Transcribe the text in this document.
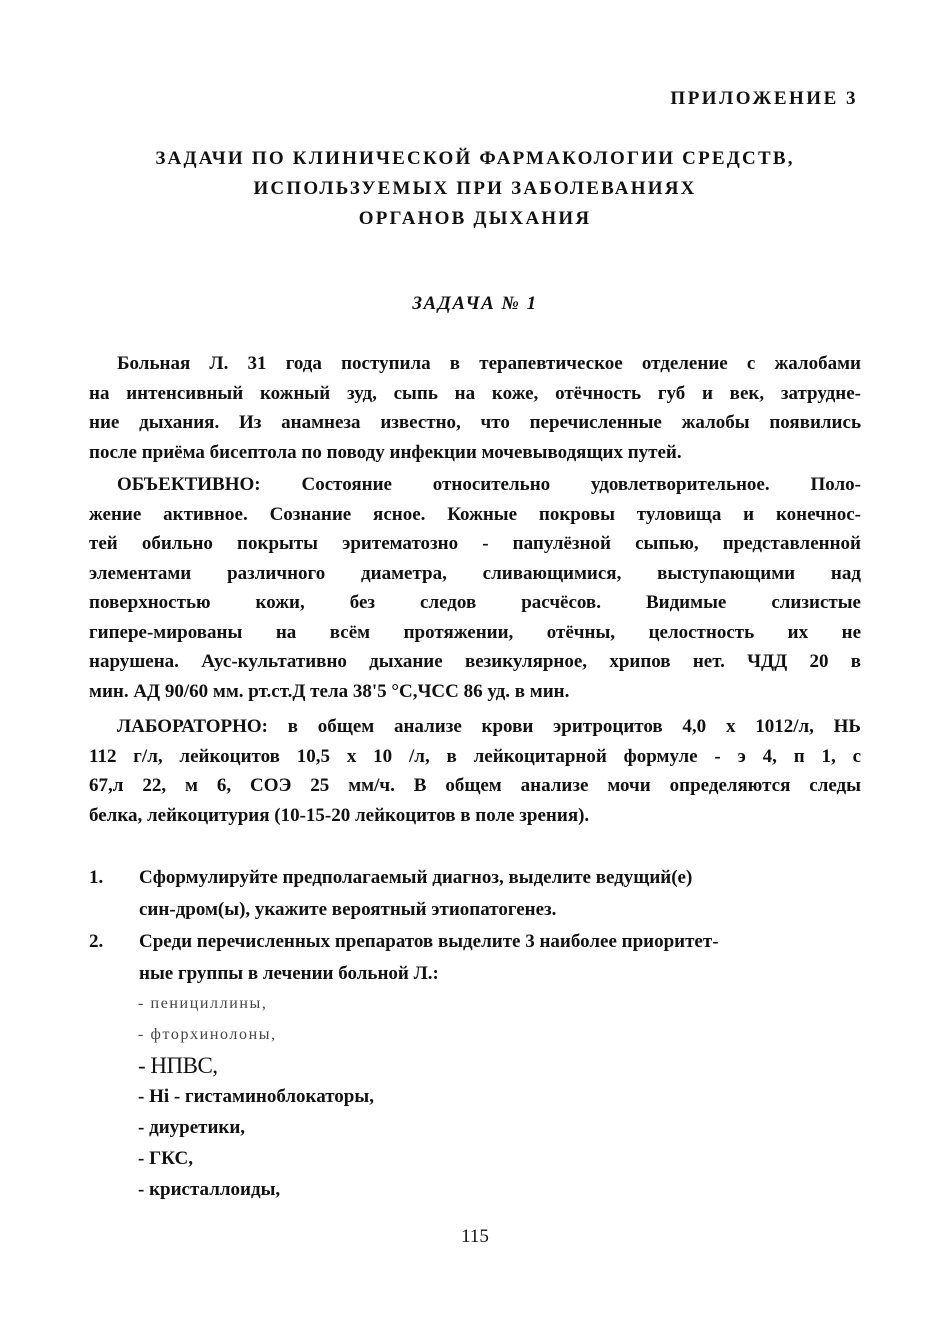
ПРИЛОЖЕНИЕ 3
ЗАДАЧИ ПО КЛИНИЧЕСКОЙ ФАРМАКОЛОГИИ СРЕДСТВ,
ИСПОЛЬЗУЕМЫХ ПРИ ЗАБОЛЕВАНИЯХ
ОРГАНОВ ДЫХАНИЯ
ЗАДАЧА № 1
Больная Л. 31 года поступила в терапевтическое отделение с жалобами
на интенсивный кожный зуд, сыпь на коже, отёчность губ и век, затрудне-
ние дыхания. Из анамнеза известно, что перечисленные жалобы появились
после приёма бисептола по поводу инфекции мочевыводящих путей.
ОБЪЕКТИВНО: Состояние относительно удовлетворительное. Поло-
жение активное. Сознание ясное. Кожные покровы туловища и конечнос-
тей обильно покрыты эритематозно - папулёзной сыпью, представленной
элементами различного диаметра, сливающимися, выступающими над
поверхностью кожи, без следов расчёсов. Видимые слизистые
гипере-мированы на всём протяжении, отёчны, целостность их не
нарушена. Аус-культативно дыхание везикулярное, хрипов нет. ЧДД 20 в
мин. АД 90/60 мм. рт.ст.Д тела 38'5 °С,ЧСС 86 уд. в мин.
ЛАБОРАТОРНО: в общем анализе крови эритроцитов 4,0 х 1012/л, НЬ
112 г/л, лейкоцитов 10,5 х 10 /л, в лейкоцитарной формуле - э 4, п 1, с
67,л 22, м 6, СОЭ 25 мм/ч. В общем анализе мочи определяются следы
белка, лейкоцитурия (10-15-20 лейкоцитов в поле зрения).
1. Сформулируйте предполагаемый диагноз, выделите ведущий(е)
син-дром(ы), укажите вероятный этиопатогенез.
2. Среди перечисленных препаратов выделите 3 наиболее приоритет-
ные группы в лечении больной Л.:
- пенициллины,
- фторхинолоны,
- НПВС,
- Hi - гистаминоблокаторы,
- диуретики,
- ГКС,
- кристаллоиды,
115
